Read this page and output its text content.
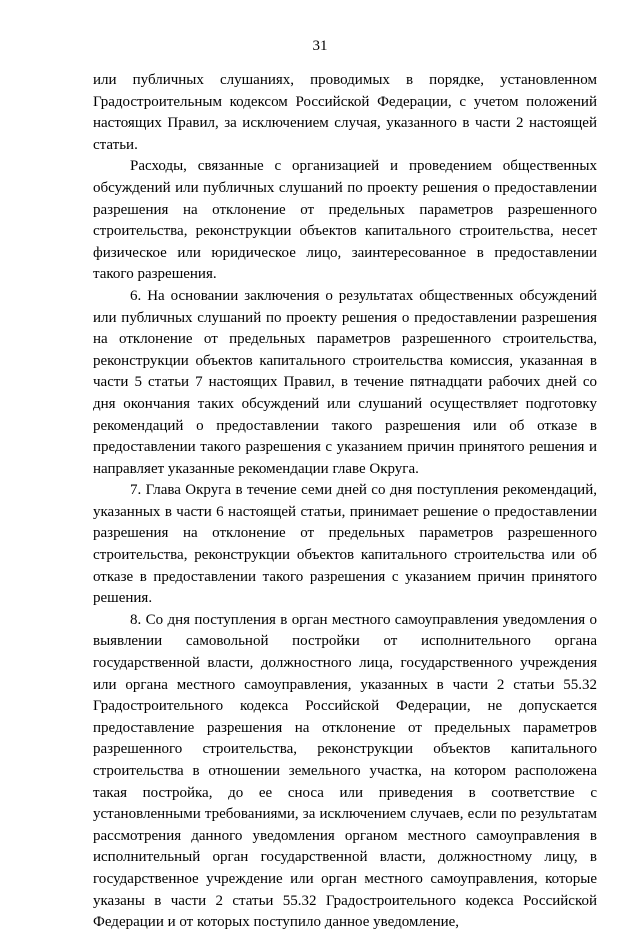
31

или публичных слушаниях, проводимых в порядке, установленном Градостроительным кодексом Российской Федерации, с учетом положений настоящих Правил, за исключением случая, указанного в части 2 настоящей статьи.

Расходы, связанные с организацией и проведением общественных обсуждений или публичных слушаний по проекту решения о предоставлении разрешения на отклонение от предельных параметров разрешенного строительства, реконструкции объектов капитального строительства, несет физическое или юридическое лицо, заинтересованное в предоставлении такого разрешения.

6. На основании заключения о результатах общественных обсуждений или публичных слушаний по проекту решения о предоставлении разрешения на отклонение от предельных параметров разрешенного строительства, реконструкции объектов капитального строительства комиссия, указанная в части 5 статьи 7 настоящих Правил, в течение пятнадцати рабочих дней со дня окончания таких обсуждений или слушаний осуществляет подготовку рекомендаций о предоставлении такого разрешения или об отказе в предоставлении такого разрешения с указанием причин принятого решения и направляет указанные рекомендации главе Округа.

7. Глава Округа в течение семи дней со дня поступления рекомендаций, указанных в части 6 настоящей статьи, принимает решение о предоставлении разрешения на отклонение от предельных параметров разрешенного строительства, реконструкции объектов капитального строительства или об отказе в предоставлении такого разрешения с указанием причин принятого решения.

8. Со дня поступления в орган местного самоуправления уведомления о выявлении самовольной постройки от исполнительного органа государственной власти, должностного лица, государственного учреждения или органа местного самоуправления, указанных в части 2 статьи 55.32 Градостроительного кодекса Российской Федерации, не допускается предоставление разрешения на отклонение от предельных параметров разрешенного строительства, реконструкции объектов капитального строительства в отношении земельного участка, на котором расположена такая постройка, до ее сноса или приведения в соответствие с установленными требованиями, за исключением случаев, если по результатам рассмотрения данного уведомления органом местного самоуправления в исполнительный орган государственной власти, должностному лицу, в государственное учреждение или орган местного самоуправления, которые указаны в части 2 статьи 55.32 Градостроительного кодекса Российской Федерации и от которых поступило данное уведомление,
